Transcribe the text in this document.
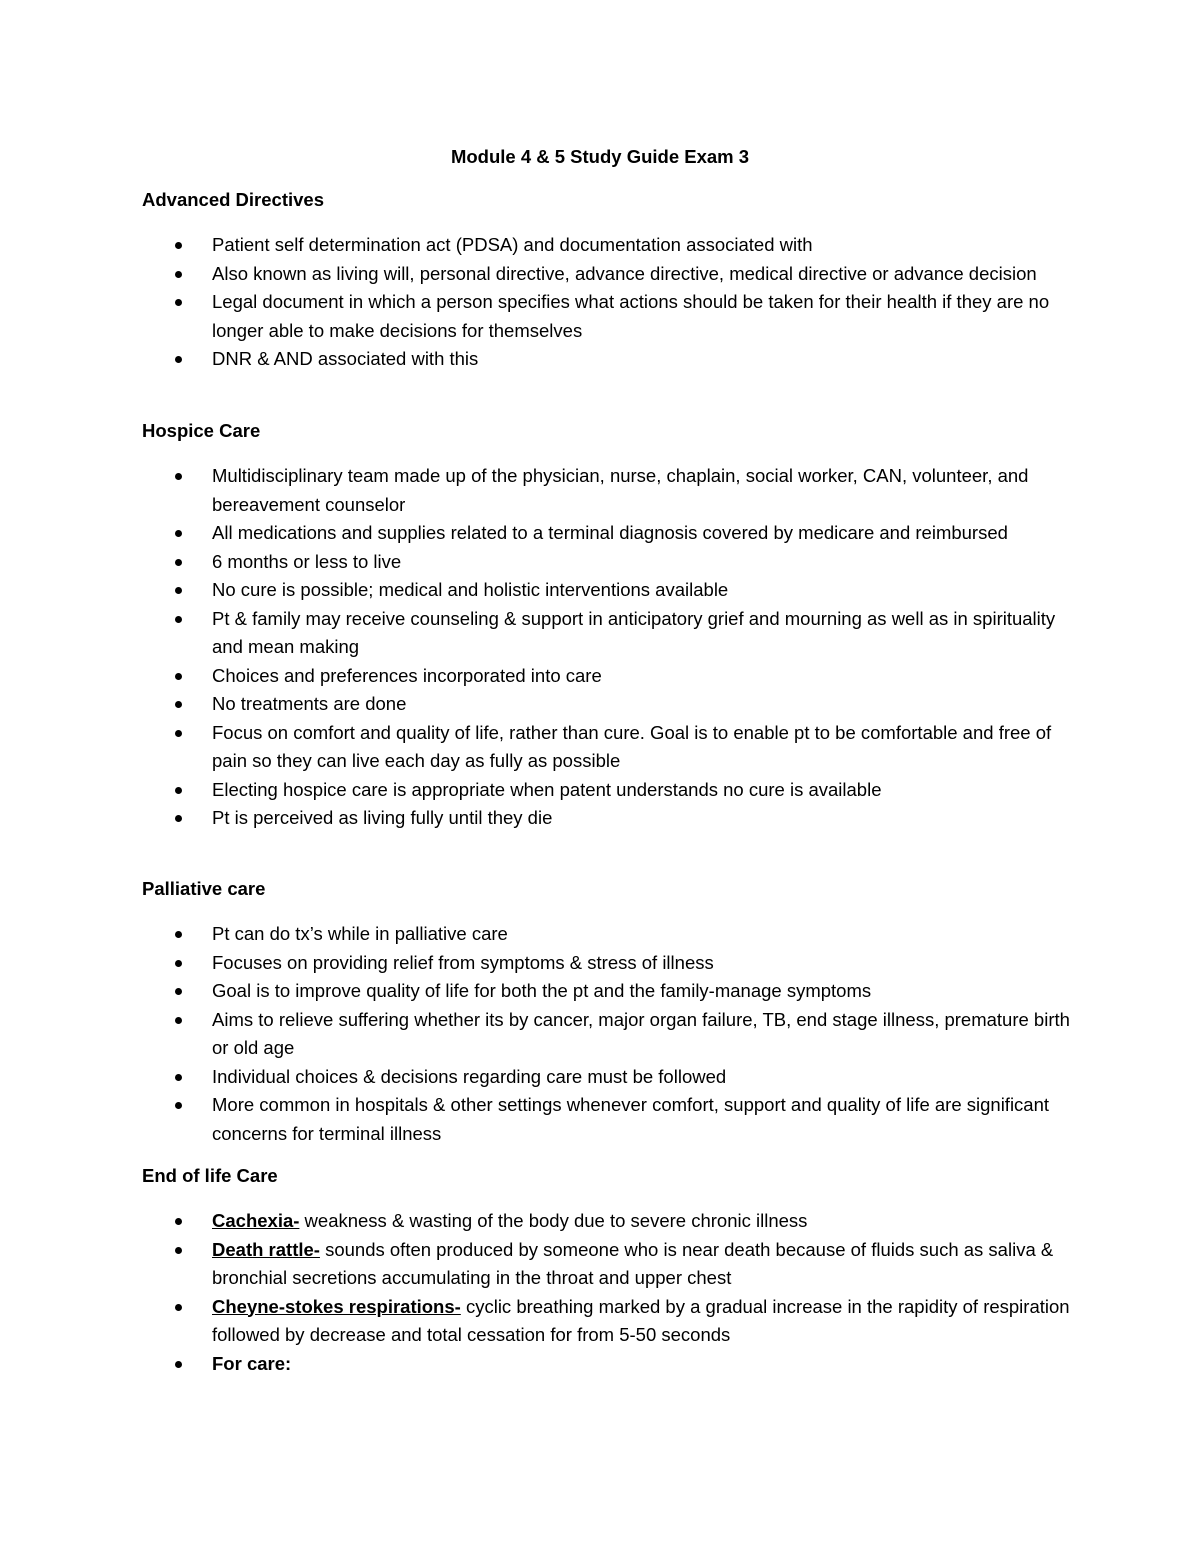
Module 4 & 5 Study Guide Exam 3
Advanced Directives
Patient self determination act (PDSA) and documentation associated with
Also known as living will, personal directive, advance directive, medical directive or advance decision
Legal document in which a person specifies what actions should be taken for their health if they are no longer able to make decisions for themselves
DNR & AND associated with this
Hospice Care
Multidisciplinary team made up of the physician, nurse, chaplain, social worker, CAN, volunteer, and bereavement counselor
All medications and supplies related to a terminal diagnosis covered by medicare and reimbursed
6 months or less to live
No cure is possible; medical and holistic interventions available
Pt & family may receive counseling & support in anticipatory grief and mourning as well as in spirituality and mean making
Choices and preferences incorporated into care
No treatments are done
Focus on comfort and quality of life, rather than cure. Goal is to enable pt to be comfortable and free of pain so they can live each day as fully as possible
Electing hospice care is appropriate when patent understands no cure is available
Pt is perceived as living fully until they die
Palliative care
Pt can do tx’s while in palliative care
Focuses on providing relief from symptoms & stress of illness
Goal is to improve quality of life for both the pt and the family-manage symptoms
Aims to relieve suffering whether its by cancer, major organ failure, TB, end stage illness, premature birth or old age
Individual choices & decisions regarding care must be followed
More common in hospitals & other settings whenever comfort, support and quality of life are significant concerns for terminal illness
End of life Care
Cachexia- weakness & wasting of the body due to severe chronic illness
Death rattle- sounds often produced by someone who is near death because of fluids such as saliva & bronchial secretions accumulating in the throat and upper chest
Cheyne-stokes respirations- cyclic breathing marked by a gradual increase in the rapidity of respiration followed by decrease and total cessation for from 5-50 seconds
For care:
